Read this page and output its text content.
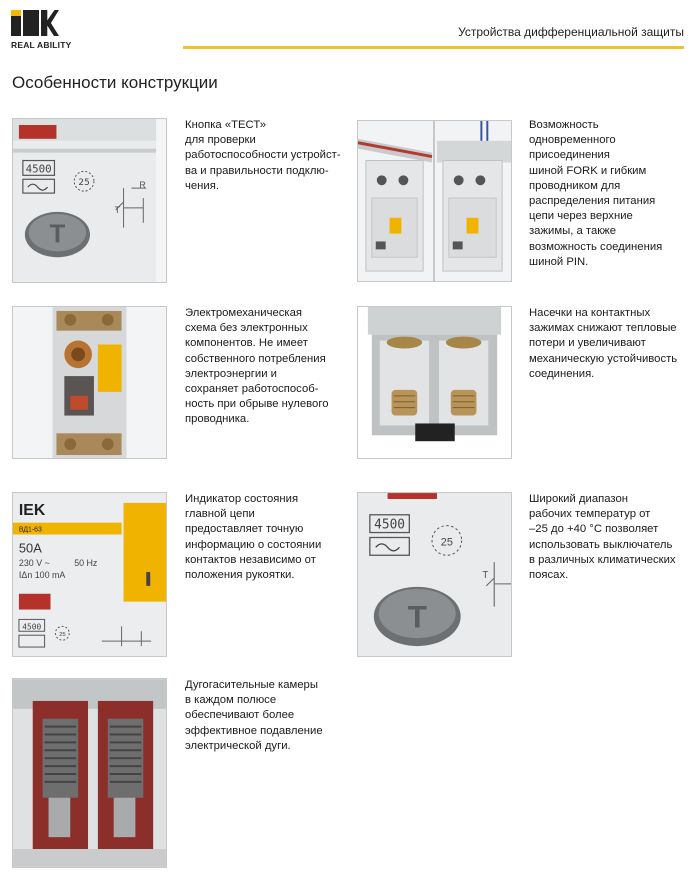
REAL ABILITY
Устройства дифференциальной защиты
Особенности конструкции
4500
25	R
T
Т
Кнопка «ТЕСТ»
для проверки
работоспособности устройст-
ва и правильности подклю-
чения.
Возможность
одновременного
присоединения
шиной FORK и гибким
проводником для
распределения питания
цепи через верхние
зажимы, а также
возможность соединения
шиной PIN.
Электромеханическая
схема без электронных
компонентов. Не имеет
собственного потребления
электроэнергии и
сохраняет работоспособ-
ность при обрыве нулевого
проводника.
Насечки на контактных
зажимах снижают тепловые
потери и увеличивают
механическую устойчивость
соединения.
IEK
ВД1-63
50A
230 V ~	50 Hz
IΔn 100 mA
4500
25
Индикатор состояния
главной цепи
предоставляет точную
информацию о состоянии
контактов независимо от
положения рукоятки.
4500
25
T
Т
Широкий диапазон
рабочих температур от
–25 до +40 °С позволяет
использовать выключатель
в различных климатических
поясах.
Дугогасительные камеры
в каждом полюсе
обеспечивают более
эффективное подавление
электрической дуги.
